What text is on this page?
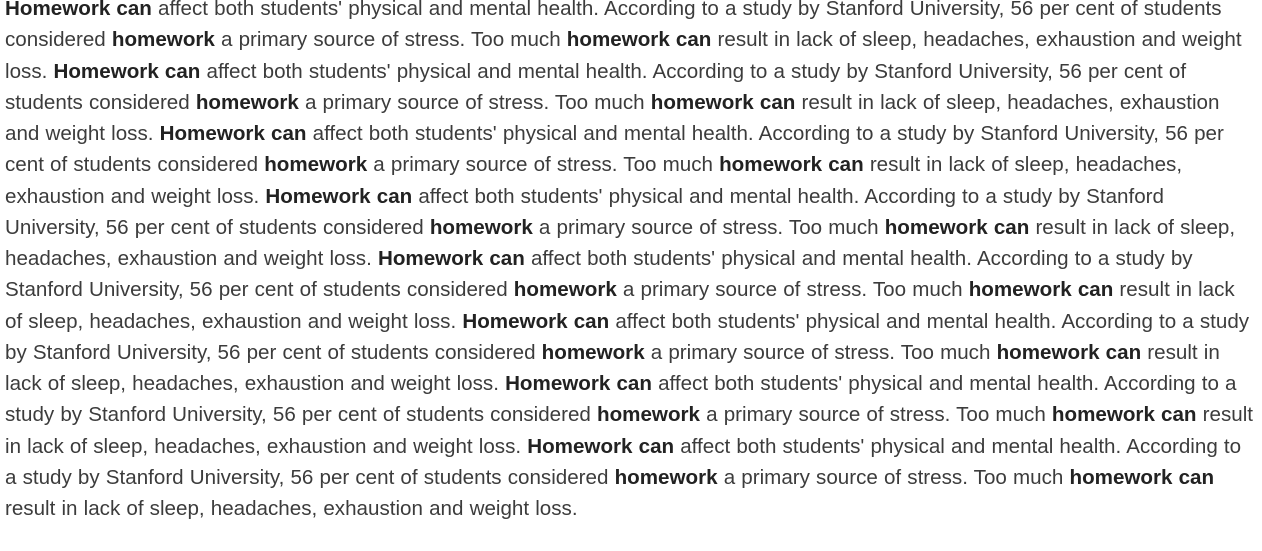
Homework can affect both students' physical and mental health. According to a study by Stanford University, 56 per cent of students considered homework a primary source of stress. Too much homework can result in lack of sleep, headaches, exhaustion and weight loss. Homework can affect both students' physical and mental health. According to a study by Stanford University, 56 per cent of students considered homework a primary source of stress. Too much homework can result in lack of sleep, headaches, exhaustion and weight loss. Homework can affect both students' physical and mental health. According to a study by Stanford University, 56 per cent of students considered homework a primary source of stress. Too much homework can result in lack of sleep, headaches, exhaustion and weight loss. Homework can affect both students' physical and mental health. According to a study by Stanford University, 56 per cent of students considered homework a primary source of stress. Too much homework can result in lack of sleep, headaches, exhaustion and weight loss. Homework can affect both students' physical and mental health. According to a study by Stanford University, 56 per cent of students considered homework a primary source of stress. Too much homework can result in lack of sleep, headaches, exhaustion and weight loss. Homework can affect both students' physical and mental health. According to a study by Stanford University, 56 per cent of students considered homework a primary source of stress. Too much homework can result in lack of sleep, headaches, exhaustion and weight loss. Homework can affect both students' physical and mental health. According to a study by Stanford University, 56 per cent of students considered homework a primary source of stress. Too much homework can result in lack of sleep, headaches, exhaustion and weight loss. Homework can affect both students' physical and mental health. According to a study by Stanford University, 56 per cent of students considered homework a primary source of stress. Too much homework can result in lack of sleep, headaches, exhaustion and weight loss.
